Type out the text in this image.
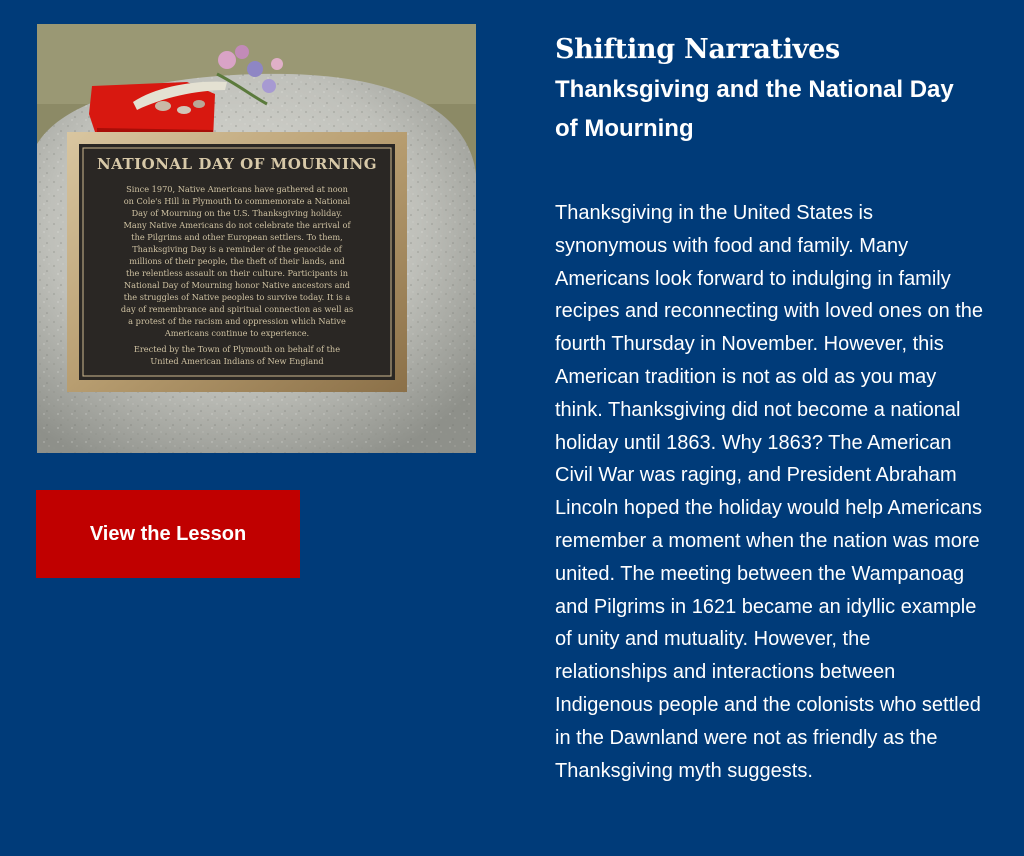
NATIONAL DAY OF MOURNING
Since 1970, Native Americans have gathered at noon
on Cole's Hill in Plymouth to commemorate a National
Day of Mourning on the U.S. Thanksgiving holiday.
Many Native Americans do not celebrate the arrival of
the Pilgrims and other European settlers. To them,
Thanksgiving Day is a reminder of the genocide of
millions of their people, the theft of their lands, and
the relentless assault on their culture. Participants in
National Day of Mourning honor Native ancestors and
the struggles of Native peoples to survive today. It is a
day of remembrance and spiritual connection as well as
a protest of the racism and oppression which Native
Americans continue to experience.
Erected by the Town of Plymouth on behalf of the
United American Indians of New England
View the Lesson
Shifting Narratives
Thanksgiving and the National Day of Mourning

Thanksgiving in the United States is synonymous with food and family. Many Americans look forward to indulging in family recipes and reconnecting with loved ones on the fourth Thursday in November. However, this American tradition is not as old as you may think. Thanksgiving did not become a national holiday until 1863. Why 1863? The American Civil War was raging, and President Abraham Lincoln hoped the holiday would help Americans remember a moment when the nation was more united. The meeting between the Wampanoag and Pilgrims in 1621 became an idyllic example of unity and mutuality. However, the relationships and interactions between Indigenous people and the colonists who settled in the Dawnland were not as friendly as the Thanksgiving myth suggests.
